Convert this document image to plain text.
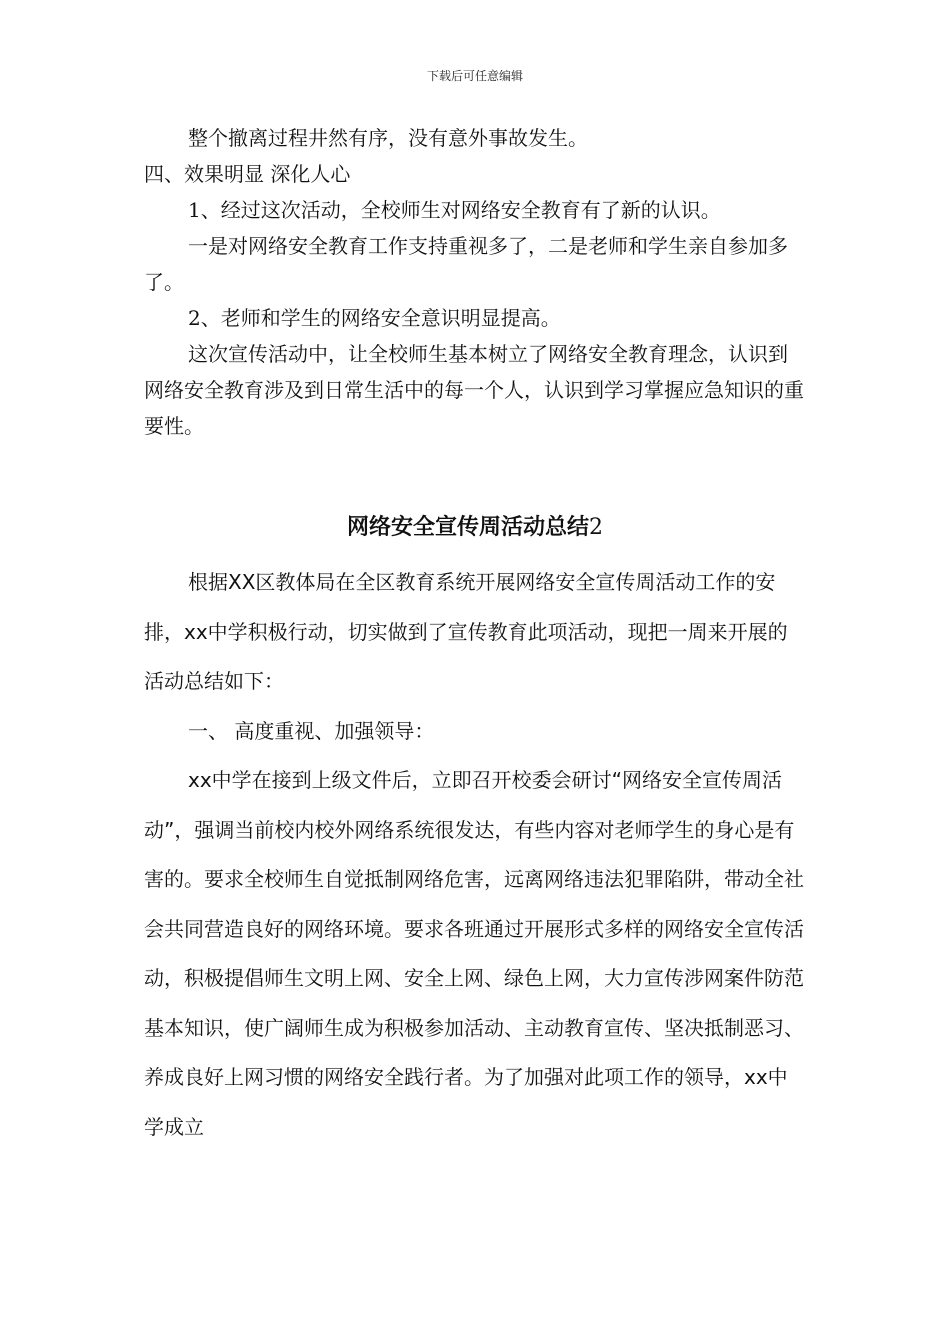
下载后可任意编辑

整个撤离过程井然有序，没有意外事故发生。

四、效果明显 深化人心

1、经过这次活动，全校师生对网络安全教育有了新的认识。

一是对网络安全教育工作支持重视多了，二是老师和学生亲自参加多了。

2、老师和学生的网络安全意识明显提高。

这次宣传活动中，让全校师生基本树立了网络安全教育理念，认识到网络安全教育涉及到日常生活中的每一个人，认识到学习掌握应急知识的重要性。

网络安全宣传周活动总结2

根据XX区教体局在全区教育系统开展网络安全宣传周活动工作的安排，xx中学积极行动，切实做到了宣传教育此项活动，现把一周来开展的活动总结如下：

一、 高度重视、加强领导：

xx中学在接到上级文件后，立即召开校委会研讨“网络安全宣传周活动”，强调当前校内校外网络系统很发达，有些内容对老师学生的身心是有害的。要求全校师生自觉抵制网络危害，远离网络违法犯罪陷阱，带动全社会共同营造良好的网络环境。要求各班通过开展形式多样的网络安全宣传活动，积极提倡师生文明上网、安全上网、绿色上网，大力宣传涉网案件防范基本知识，使广阔师生成为积极参加活动、主动教育宣传、坚决抵制恶习、养成良好上网习惯的网络安全践行者。为了加强对此项工作的领导，xx中学成立
